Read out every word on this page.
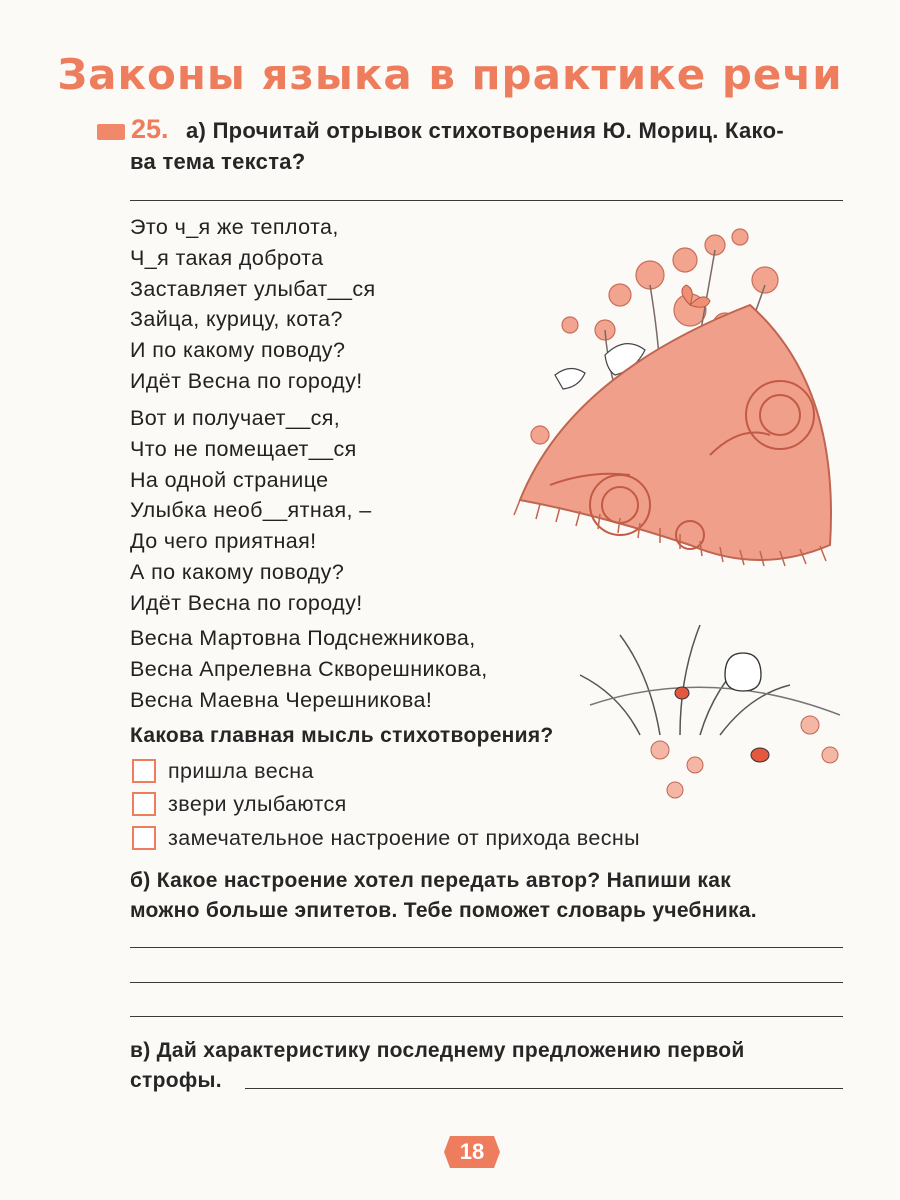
Законы языка в практике речи
25. а) Прочитай отрывок стихотворения Ю. Мориц. Како-
ва тема текста?
Это ч_я же теплота,
Ч_я такая доброта
Заставляет улыбат__ся
Зайца, курицу, кота?
И по какому поводу?
Идёт Весна по городу!
Вот и получает__ся,
Что не помещает__ся
На одной странице
Улыбка необ__ятная, –
До чего приятная!
А по какому поводу?
Идёт Весна по городу!
Весна Мартовна Подснежникова,
Весна Апрелевна Скворешникова,
Весна Маевна Черешникова!
Какова главная мысль стихотворения?
пришла весна
звери улыбаются
замечательное настроение от прихода весны
б) Какое настроение хотел передать автор? Напиши как
можно больше эпитетов. Тебе поможет словарь учебника.
в) Дай характеристику последнему предложению первой
строфы.
18
